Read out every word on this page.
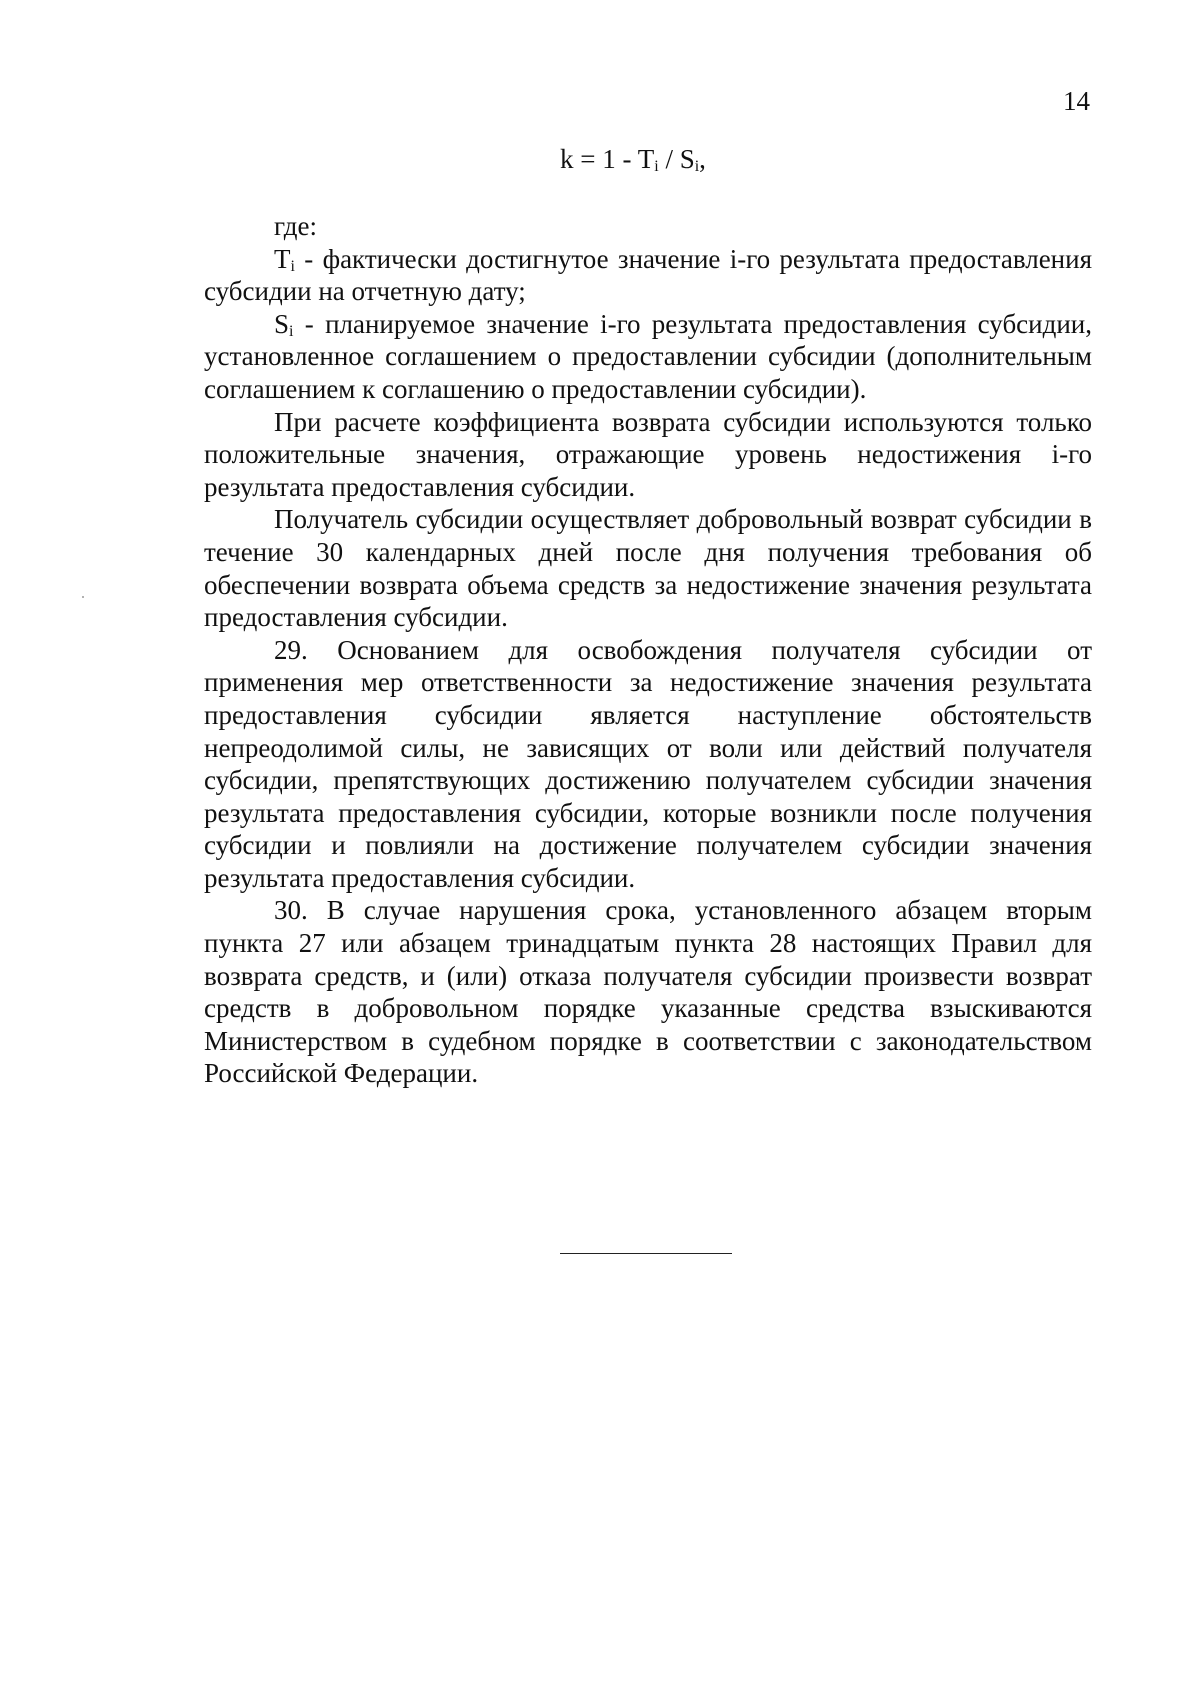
14
$k = 1 - T_i / S_i$,

где:

$T_i$ - фактически достигнутое значение i-го результата предоставления субсидии на отчетную дату;

$S_i$ - планируемое значение i-го результата предоставления субсидии, установленное соглашением о предоставлении субсидии (дополнительным соглашением к соглашению о предоставлении субсидии).

При расчете коэффициента возврата субсидии используются только положительные значения, отражающие уровень недостижения i-го результата предоставления субсидии.

Получатель субсидии осуществляет добровольный возврат субсидии в течение 30 календарных дней после дня получения требования об обеспечении возврата объема средств за недостижение значения результата предоставления субсидии.

29. Основанием для освобождения получателя субсидии от применения мер ответственности за недостижение значения результата предоставления субсидии является наступление обстоятельств непреодолимой силы, не зависящих от воли или действий получателя субсидии, препятствующих достижению получателем субсидии значения результата предоставления субсидии, которые возникли после получения субсидии и повлияли на достижение получателем субсидии значения результата предоставления субсидии.

30. В случае нарушения срока, установленного абзацем вторым пункта 27 или абзацем тринадцатым пункта 28 настоящих Правил для возврата средств, и (или) отказа получателя субсидии произвести возврат средств в добровольном порядке указанные средства взыскиваются Министерством в судебном порядке в соответствии с законодательством Российской Федерации.
